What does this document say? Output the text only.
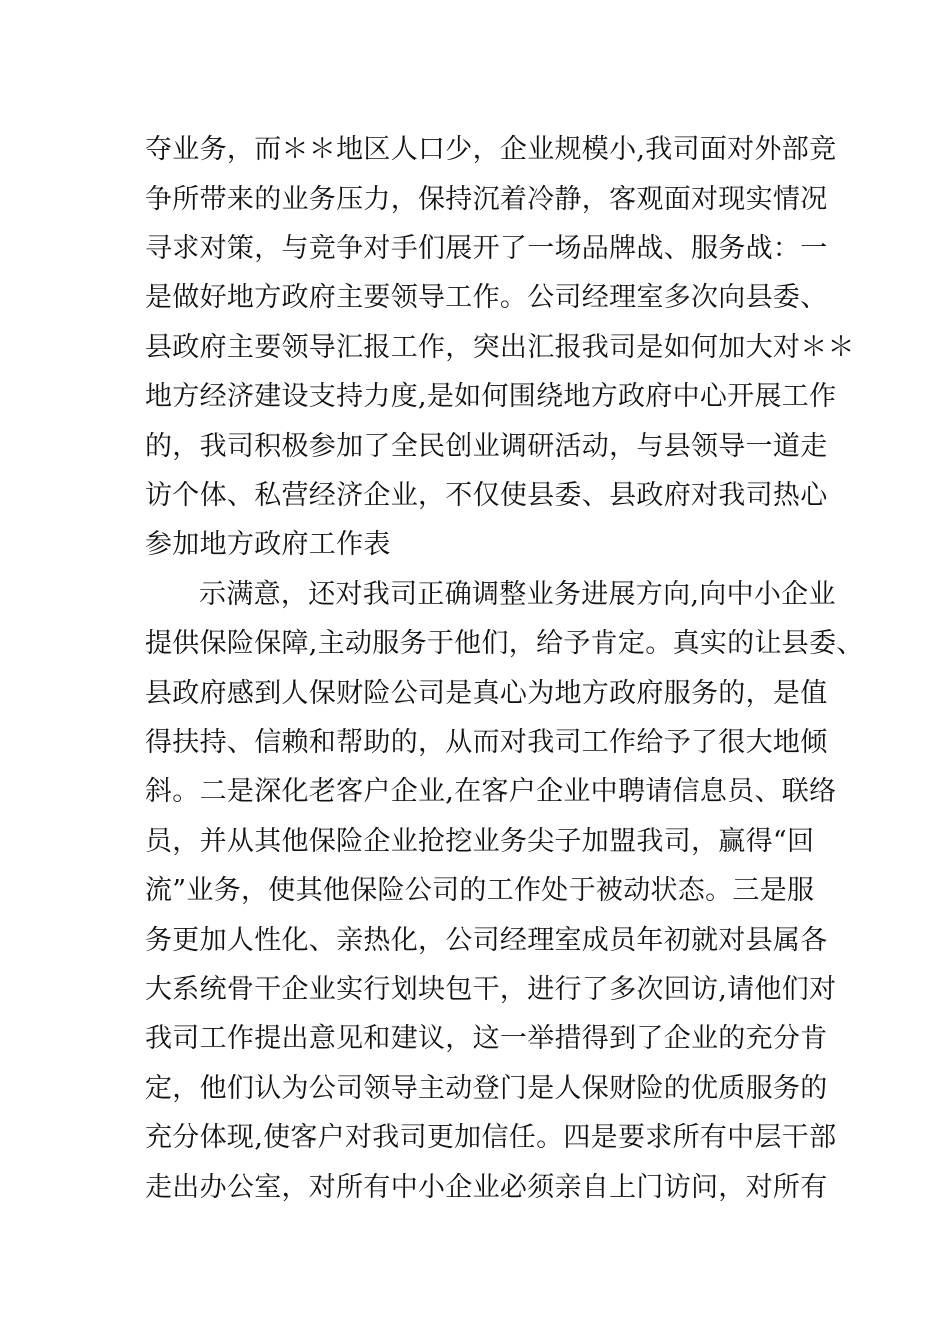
夺业务，而＊＊地区人口少，企业规模小,我司面对外部竞
争所带来的业务压力，保持沉着冷静，客观面对现实情况
寻求对策，与竞争对手们展开了一场品牌战、服务战：一
是做好地方政府主要领导工作。公司经理室多次向县委、
县政府主要领导汇报工作，突出汇报我司是如何加大对＊＊
地方经济建设支持力度,是如何围绕地方政府中心开展工作
的，我司积极参加了全民创业调研活动，与县领导一道走
访个体、私营经济企业，不仅使县委、县政府对我司热心
参加地方政府工作表
示满意，还对我司正确调整业务进展方向,向中小企业
提供保险保障,主动服务于他们，给予肯定。真实的让县委、
县政府感到人保财险公司是真心为地方政府服务的，是值
得扶持、信赖和帮助的，从而对我司工作给予了很大地倾
斜。二是深化老客户企业,在客户企业中聘请信息员、联络
员，并从其他保险企业抢挖业务尖子加盟我司，赢得“回
流”业务，使其他保险公司的工作处于被动状态。三是服
务更加人性化、亲热化，公司经理室成员年初就对县属各
大系统骨干企业实行划块包干，进行了多次回访,请他们对
我司工作提出意见和建议，这一举措得到了企业的充分肯
定，他们认为公司领导主动登门是人保财险的优质服务的
充分体现,使客户对我司更加信任。四是要求所有中层干部
走出办公室，对所有中小企业必须亲自上门访问，对所有
